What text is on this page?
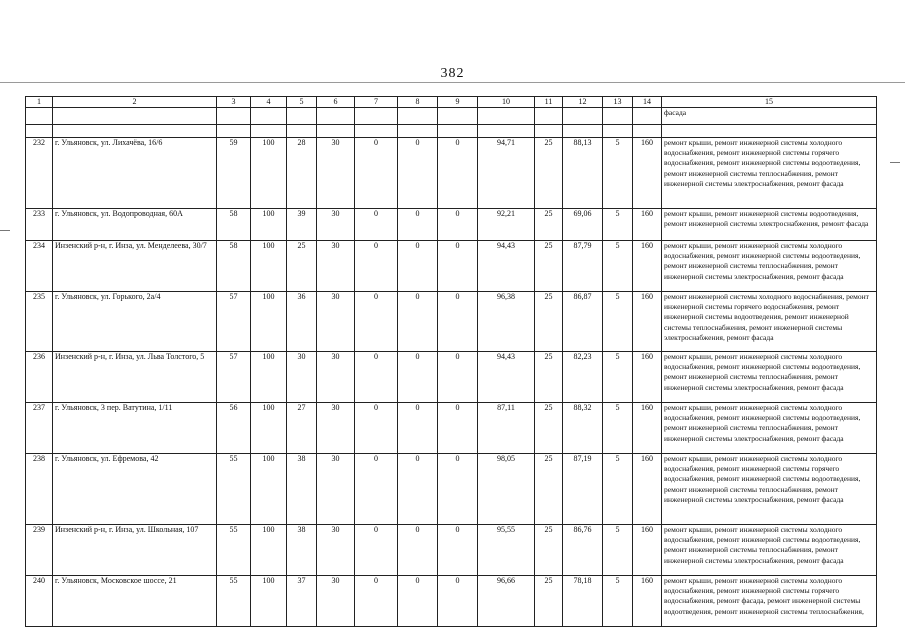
382
1	2	3	4	5	6	7	8	9	10	11	12	13	14	15
														фасада

232	г. Ульяновск, ул. Лихачёва, 16/6	59	100	28	30	0	0	0	94,71	25	88,13	5	160	ремонт крыши, ремонт инженерной системы холодного водоснабжения, ремонт инженерной системы горячего водоснабжения, ремонт инженерной системы водоотведения, ремонт инженерной системы теплоснабжения, ремонт инженерной системы электроснабжения, ремонт фасада
233	г. Ульяновск, ул. Водопроводная, 60А	58	100	39	30	0	0	0	92,21	25	69,06	5	160	ремонт крыши, ремонт инженерной системы водоотведения, ремонт инженерной системы электроснабжения, ремонт фасада
234	Инзенский р-н, г. Инза, ул. Менделеева, 30/7	58	100	25	30	0	0	0	94,43	25	87,79	5	160	ремонт крыши, ремонт инженерной системы холодного водоснабжения, ремонт инженерной системы водоотведения, ремонт инженерной системы теплоснабжения, ремонт инженерной системы электроснабжения, ремонт фасада
235	г. Ульяновск, ул. Горького, 2а/4	57	100	36	30	0	0	0	96,38	25	86,87	5	160	ремонт инженерной системы холодного водоснабжения, ремонт инженерной системы горячего водоснабжения, ремонт инженерной системы водоотведения, ремонт инженерной системы теплоснабжения, ремонт инженерной системы электроснабжения, ремонт фасада
236	Инзенский р-н, г. Инза, ул. Льва Толстого, 5	57	100	30	30	0	0	0	94,43	25	82,23	5	160	ремонт крыши, ремонт инженерной системы холодного водоснабжения, ремонт инженерной системы водоотведения, ремонт инженерной системы теплоснабжения, ремонт инженерной системы электроснабжения, ремонт фасада
237	г. Ульяновск, 3 пер. Ватутина, 1/11	56	100	27	30	0	0	0	87,11	25	88,32	5	160	ремонт крыши, ремонт инженерной системы холодного водоснабжения, ремонт инженерной системы водоотведения, ремонт инженерной системы теплоснабжения, ремонт инженерной системы электроснабжения, ремонт фасада
238	г. Ульяновск, ул. Ефремова, 42	55	100	38	30	0	0	0	98,05	25	87,19	5	160	ремонт крыши, ремонт инженерной системы холодного водоснабжения, ремонт инженерной системы горячего водоснабжения, ремонт инженерной системы водоотведения, ремонт инженерной системы теплоснабжения, ремонт инженерной системы электроснабжения, ремонт фасада
239	Инзенский р-н, г. Инза, ул. Школьная, 107	55	100	38	30	0	0	0	95,55	25	86,76	5	160	ремонт крыши, ремонт инженерной системы холодного водоснабжения, ремонт инженерной системы водоотведения, ремонт инженерной системы теплоснабжения, ремонт инженерной системы электроснабжения, ремонт фасада
240	г. Ульяновск, Московское шоссе, 21	55	100	37	30	0	0	0	96,66	25	78,18	5	160	ремонт крыши, ремонт инженерной системы холодного водоснабжения, ремонт инженерной системы горячего водоснабжения, ремонт фасада, ремонт инженерной системы водоотведения, ремонт инженерной системы теплоснабжения,
